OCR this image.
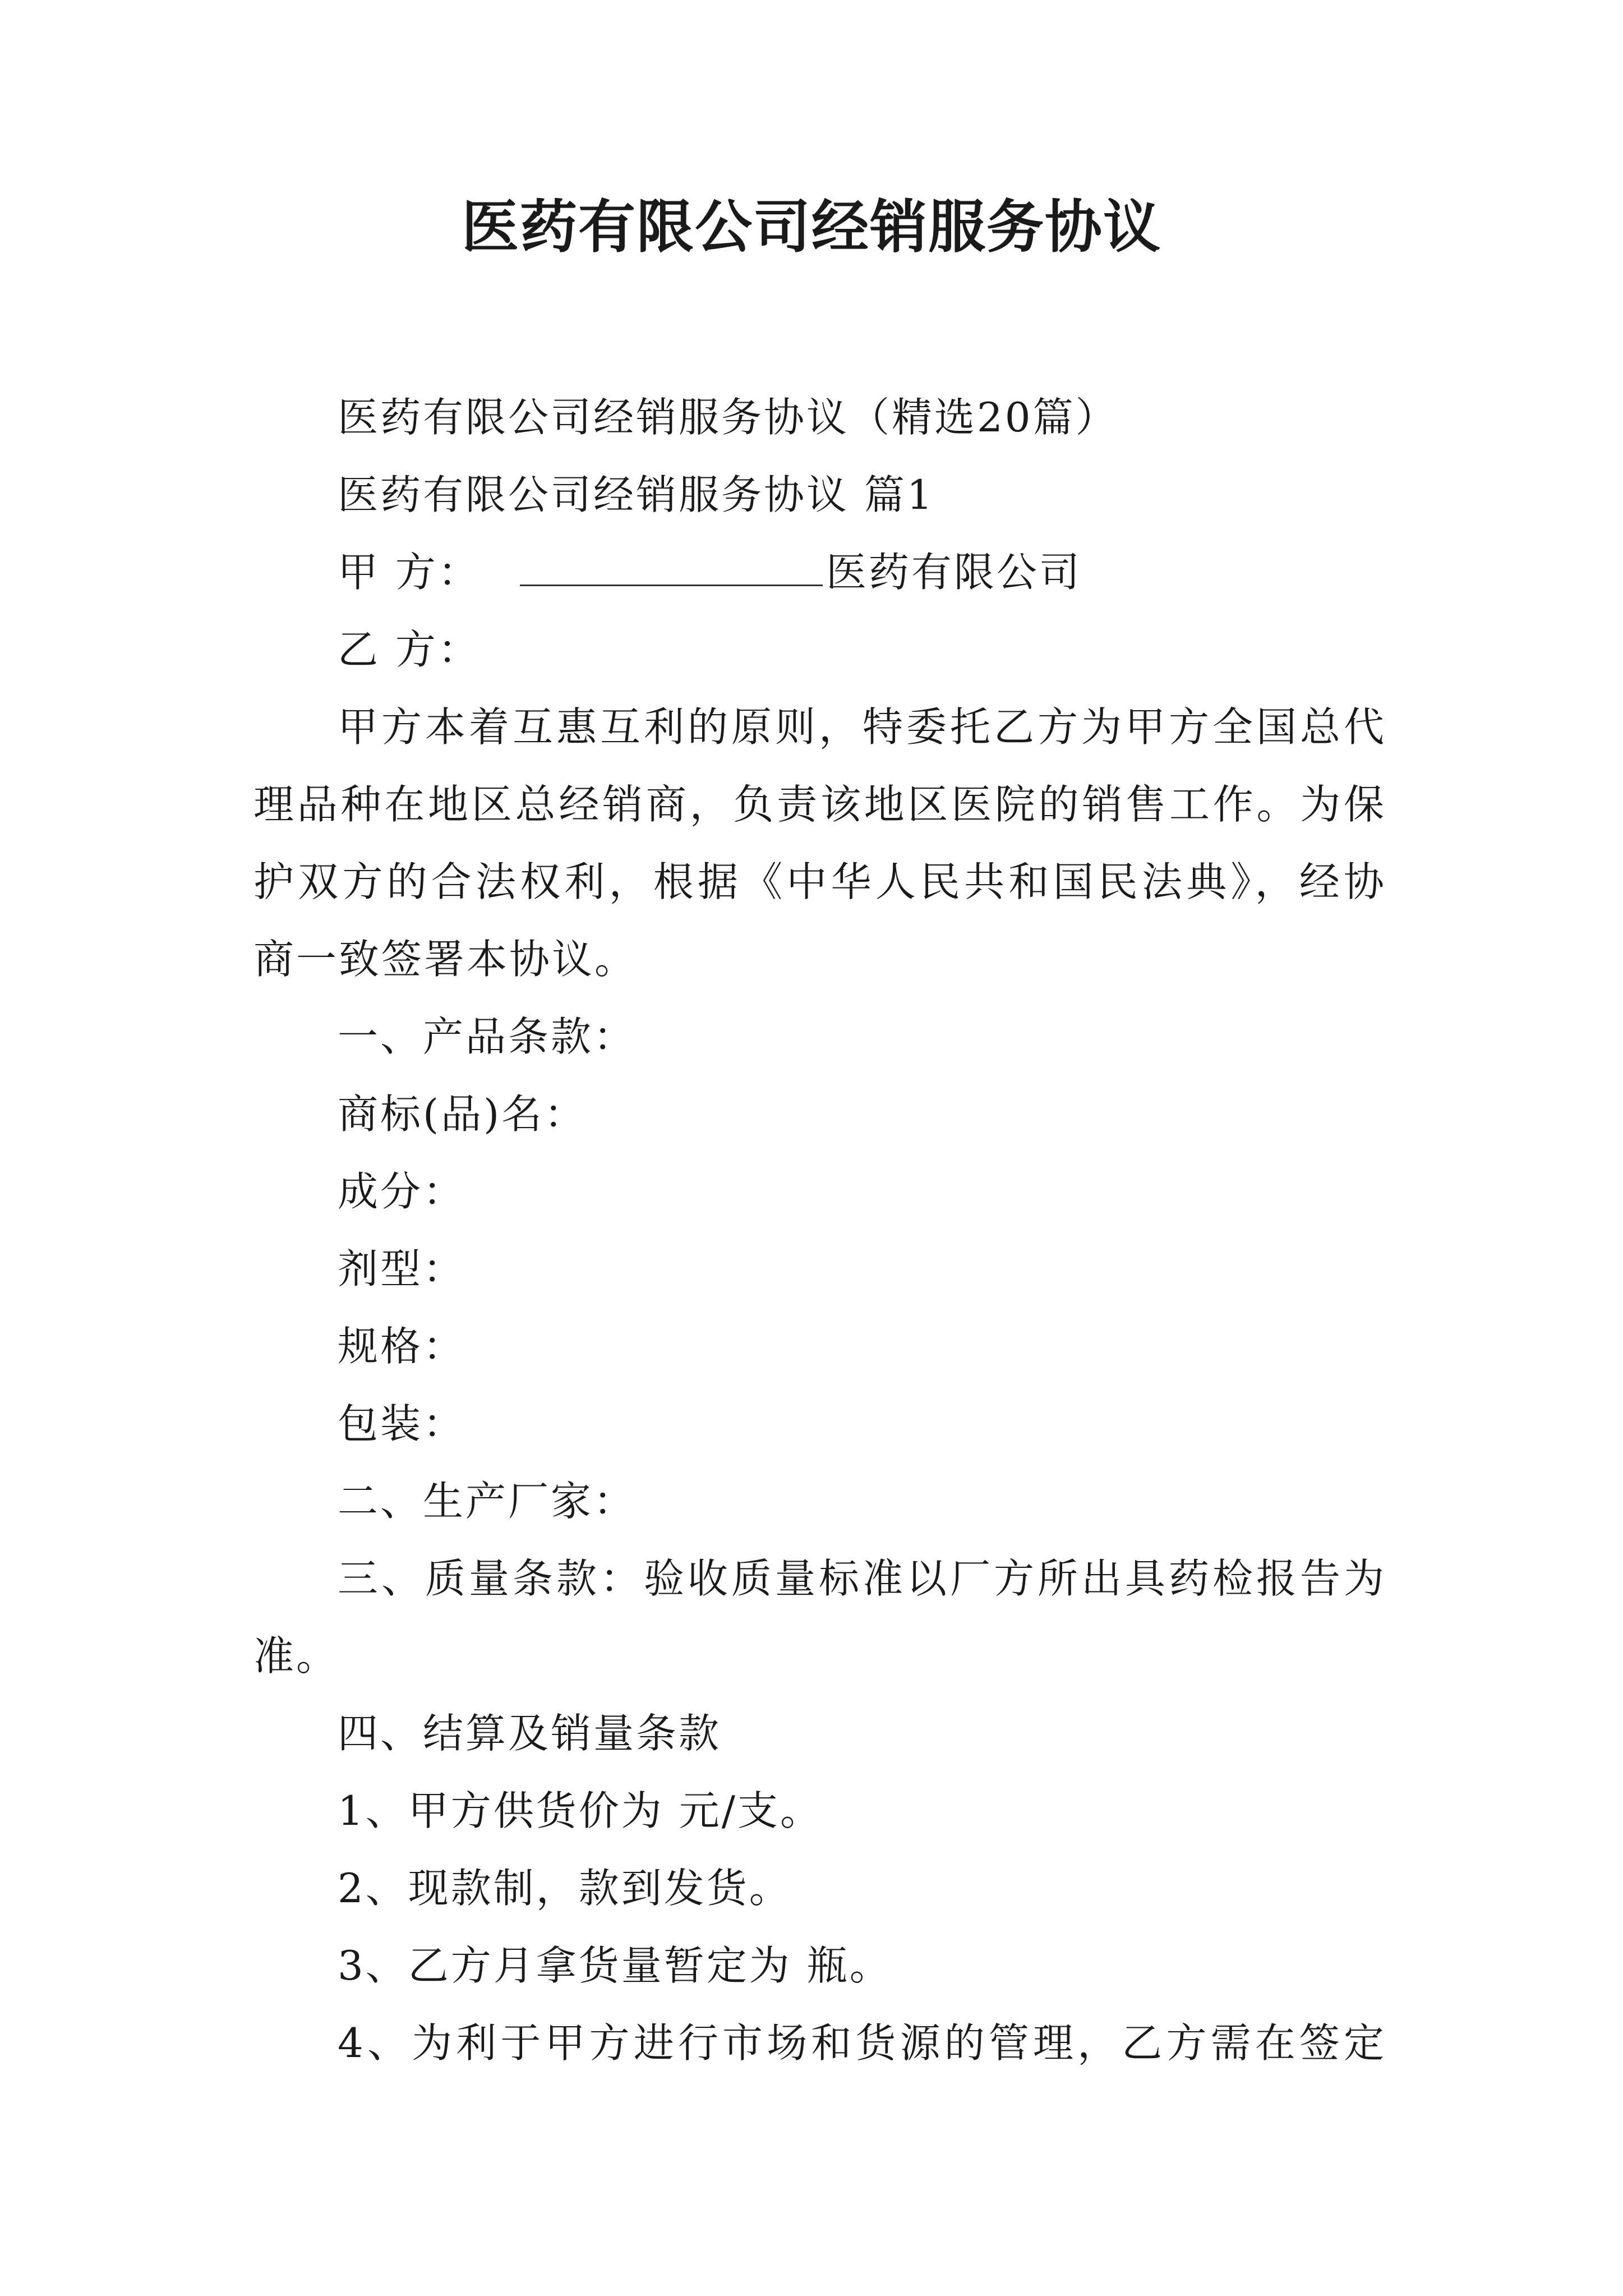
医药有限公司经销服务协议
医药有限公司经销服务协议（精选20篇）
医药有限公司经销服务协议 篇1
甲 方：	医药有限公司
乙 方：
甲方本着互惠互利的原则，特委托乙方为甲方全国总代
理品种在地区总经销商，负责该地区医院的销售工作。为保
护双方的合法权利，根据《中华人民共和国民法典》，经协
商一致签署本协议。
一、产品条款：
商标(品)名：
成分：
剂型：
规格：
包装：
二、生产厂家：
三、质量条款：验收质量标准以厂方所出具药检报告为
准。
四、结算及销量条款
1、甲方供货价为 元/支。
2、现款制，款到发货。
3、乙方月拿货量暂定为 瓶。
4、为利于甲方进行市场和货源的管理，乙方需在签定
